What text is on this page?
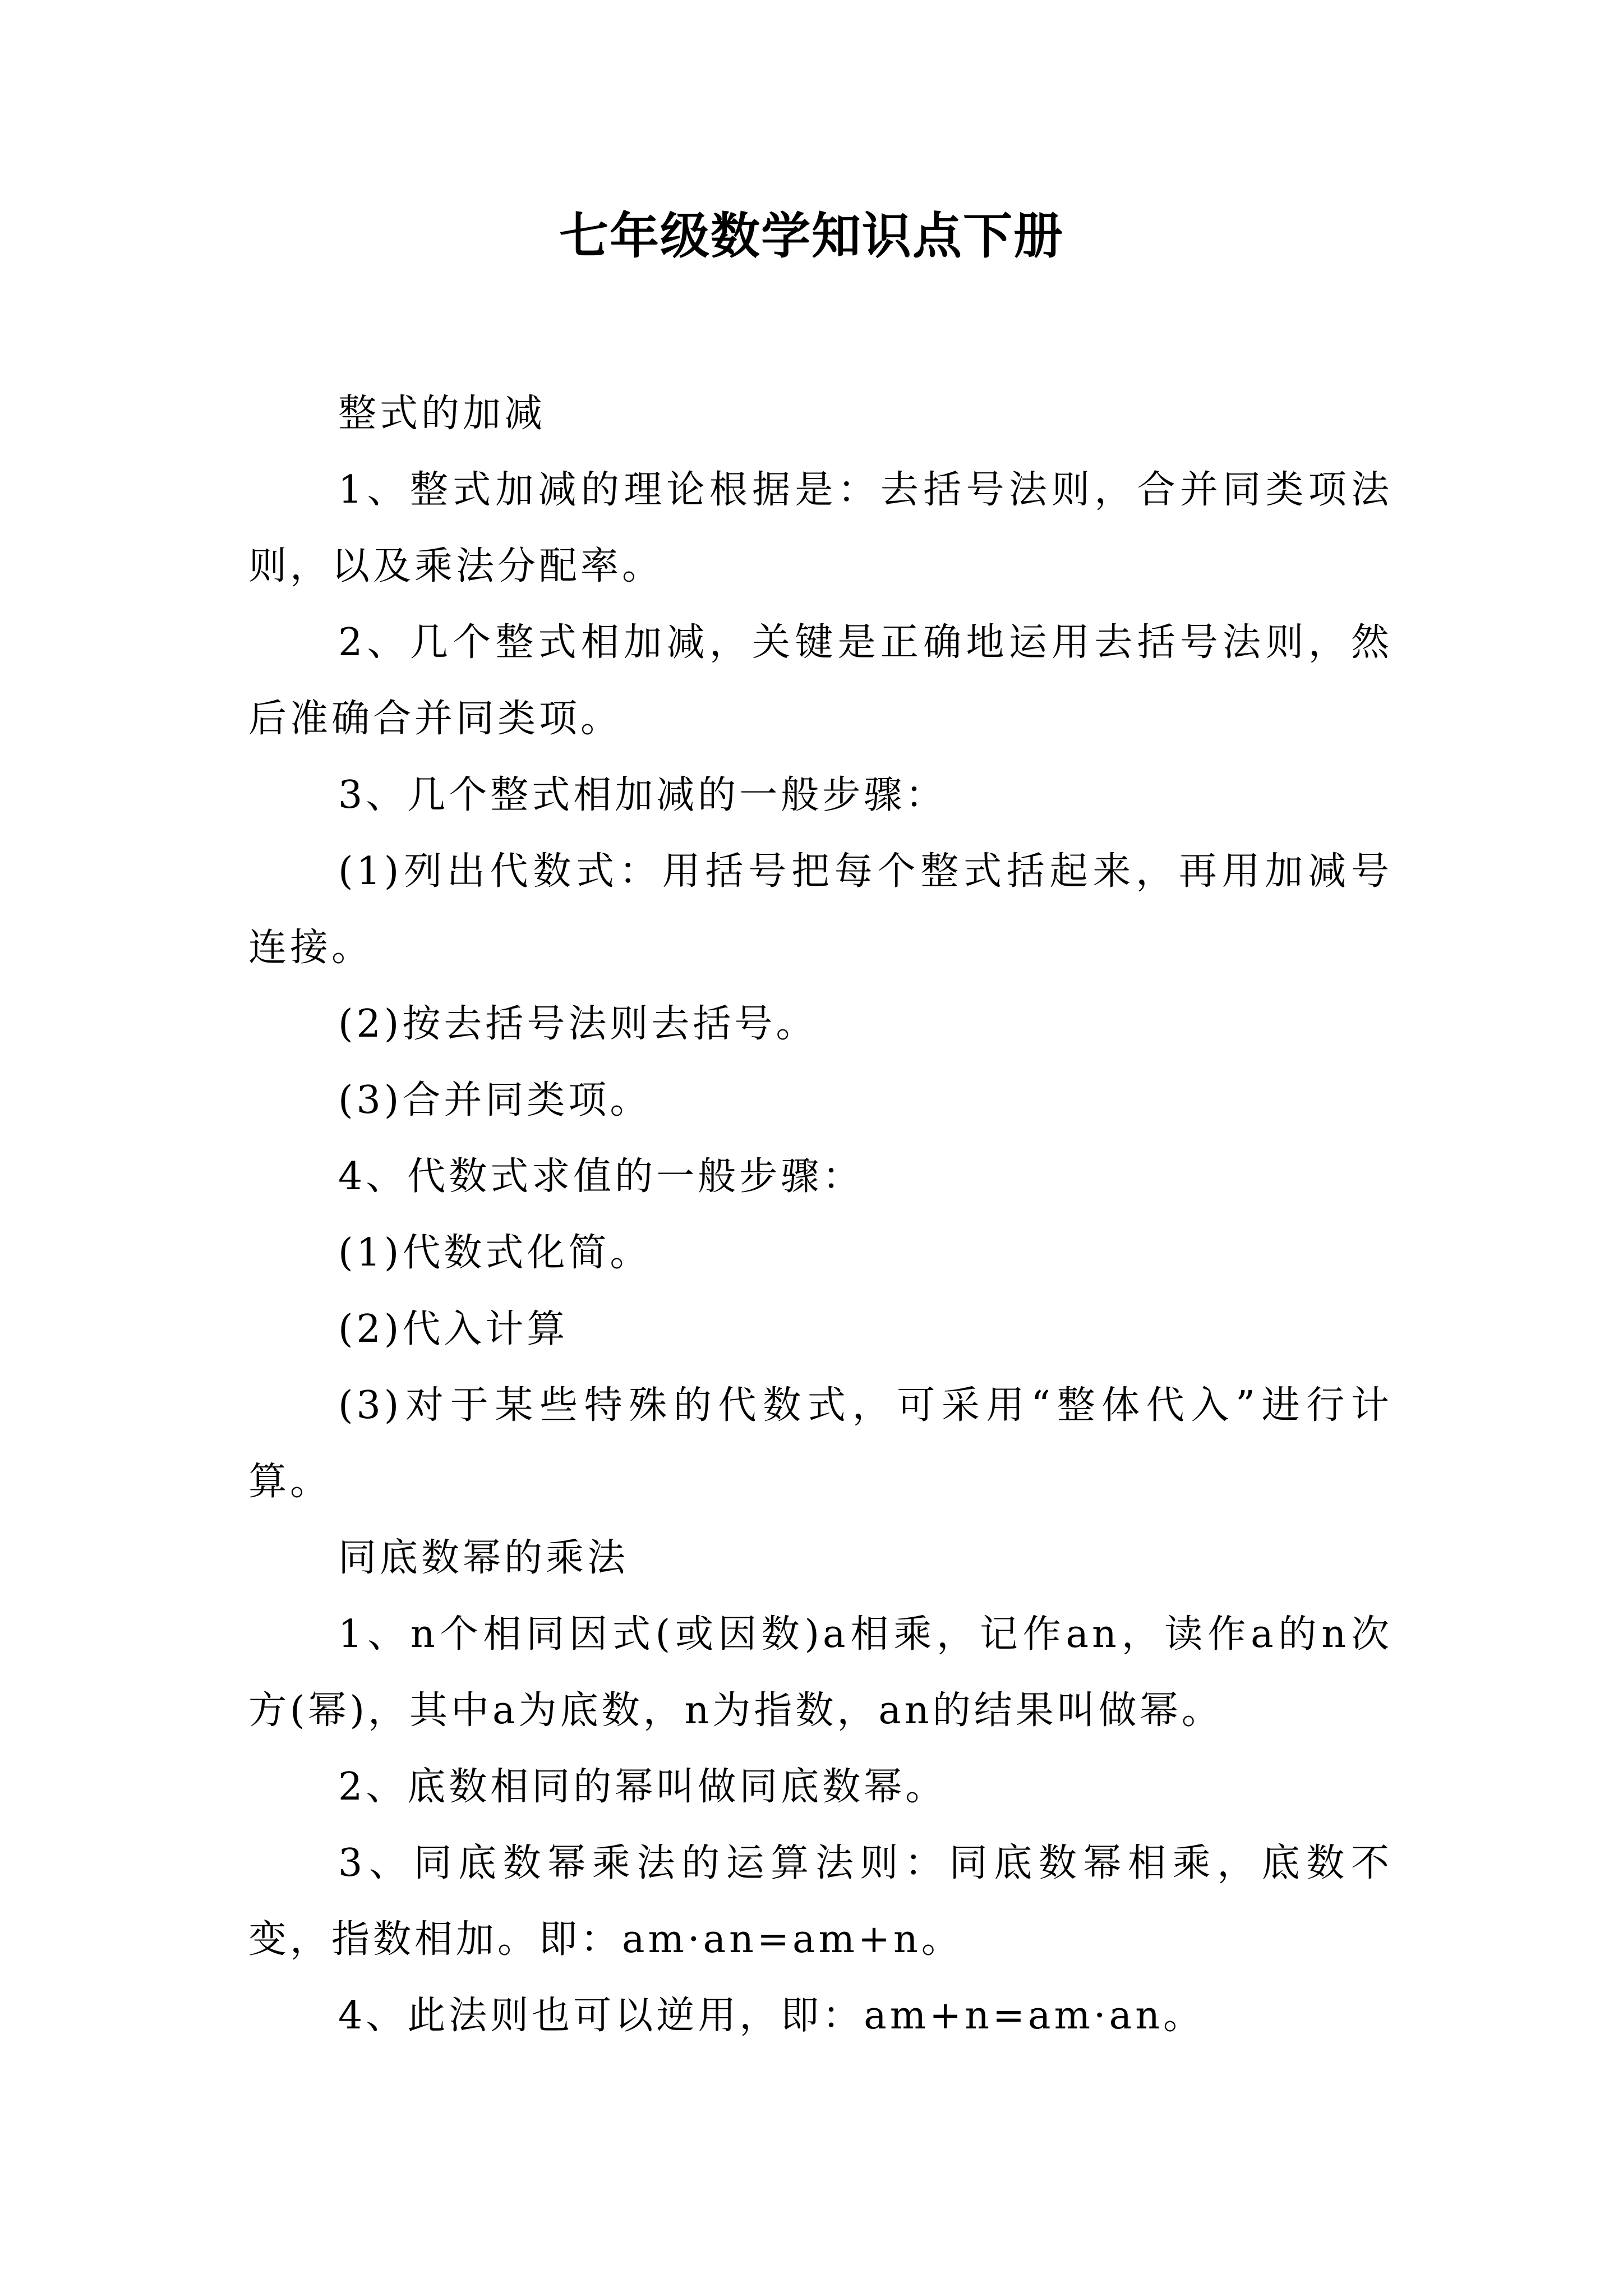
七年级数学知识点下册

整式的加减

1、整式加减的理论根据是：去括号法则，合并同类项法则，以及乘法分配率。

2、几个整式相加减，关键是正确地运用去括号法则，然后准确合并同类项。

3、几个整式相加减的一般步骤：

(1)列出代数式：用括号把每个整式括起来，再用加减号连接。

(2)按去括号法则去括号。

(3)合并同类项。

4、代数式求值的一般步骤：

(1)代数式化简。

(2)代入计算

(3)对于某些特殊的代数式，可采用“整体代入”进行计算。

同底数幂的乘法

1、n个相同因式(或因数)a相乘，记作an，读作a的n次方(幂)，其中a为底数，n为指数，an的结果叫做幂。

2、底数相同的幂叫做同底数幂。

3、同底数幂乘法的运算法则：同底数幂相乘，底数不变，指数相加。即：am·an=am+n。

4、此法则也可以逆用，即：am+n=am·an。
